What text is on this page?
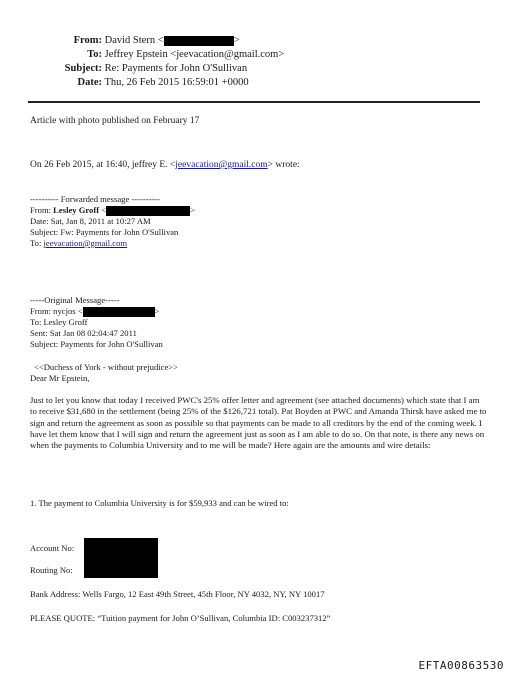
From: David Stern <	>
To: Jeffrey Epstein <jeevacation@gmail.com>
Subject: Re: Payments for John O'Sullivan
Date: Thu, 26 Feb 2015 16:59:01 +0000
Article with photo published on February 17
On 26 Feb 2015, at 16:40, jeffrey E. <jeevacation@gmail.com> wrote:
---------- Forwarded message ----------
From: Lesley Groff <	>
Date: Sat, Jan 8, 2011 at 10:27 AM
Subject: Fw: Payments for John O'Sullivan
To: jeevacation@gmail.com
-----Original Message-----
From: nycjos <	>
To: Lesley Groff
Sent: Sat Jan 08 02:04:47 2011
Subject: Payments for John O'Sullivan
<<Duchess of York - without prejudice>>
Dear Mr Epstein,
Just to let you know that today I received PWC's 25% offer letter and agreement (see attached documents) which state that I am to receive $31,680 in the settlement (being 25% of the $126,721 total). Pat Boyden at PWC and Amanda Thirsk have asked me to sign and return the agreement as soon as possible so that payments can be made to all creditors by the end of the coming week. I have let them know that I will sign and return the agreement just as soon as I am able to do so. On that note, is there any news on when the payments to Columbia University and to me will be made? Here again are the amounts and wire details:
1. The payment to Columbia University is for $59,933 and can be wired to:
Account No:
Routing No:
Bank Address: Wells Fargo, 12 East 49th Street, 45th Floor, NY 4032, NY, NY 10017
PLEASE QUOTE: “Tuition payment for John O’Sullivan, Columbia ID: C003237312”
EFTA00863530
